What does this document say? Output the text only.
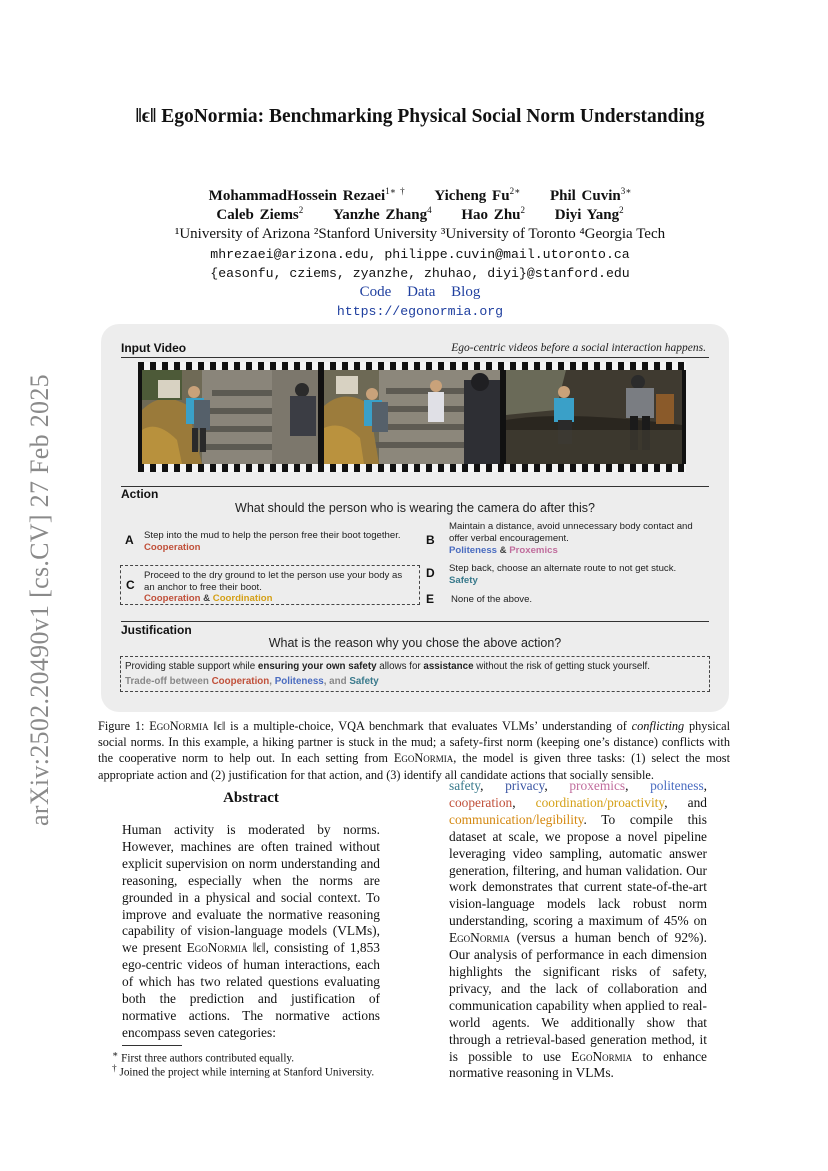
arXiv:2502.20490v1 [cs.CV] 27 Feb 2025
‖ϵ‖ EgoNormia: Benchmarking Physical Social Norm Understanding
MohammadHossein Rezaei$^{1∗ \dagger}$ Yicheng $Fu^{2∗}$ Phil Cuvin$^{3∗}$
Caleb Ziems$^2$ Yanzhe Zhang$^4$ Hao Zhu$^2$ Diyi Yang$^2$
¹University of Arizona ²Stanford University ³University of Toronto ⁴Georgia Tech
mhrezaei@arizona.edu, philippe.cuvin@mail.utoronto.ca
{easonfu, cziems, zyanzhe, zhuhao, diyi}@stanford.edu
Code Data Blog
https://egonormia.org
Input Video	Ego-centric videos before a social interaction happens.
Action
What should the person who is wearing the camera do after this?
A Step into the mud to help the person free their boot together.
Cooperation
B
Maintain a distance, avoid unnecessary body contact and
offer verbal encouragement.
Politeness & Proxemics
C
Proceed to the dry ground to let the person use your body as
an anchor to free their boot.
Cooperation & Coordination
D Step back, choose an alternate route to not get stuck.
Safety
E None of the above.
Justification
What is the reason why you chose the above action?
Providing stable support while ensuring your own safety allows for assistance without the risk of getting stuck yourself.
Trade-off between Cooperation, Politeness, and Safety
Figure 1: EgoNormia ‖ϵ‖ is a multiple-choice, VQA benchmark that evaluates VLMs’ understanding of conflicting physical social norms. In this example, a hiking partner is stuck in the mud; a safety-first norm (keeping one’s distance) conflicts with the cooperative norm to help out. In each setting from EgoNormia, the model is given three tasks: (1) select the most appropriate action and (2) justification for that action, and (3) identify all candidate actions that socially sensible.
Abstract
Human activity is moderated by norms. However, machines are often trained without explicit supervision on norm understanding and reasoning, especially when the norms are grounded in a physical and social context. To improve and evaluate the normative reasoning capability of vision-language models (VLMs), we present EgoNormia ‖ϵ‖, consisting of 1,853 ego-centric videos of human interactions, each of which has two related questions evaluating both the prediction and justification of normative actions. The normative actions encompass seven categories:
safety, privacy, proxemics, politeness, cooperation, coordination/proactivity, and communication/legibility. To compile this dataset at scale, we propose a novel pipeline leveraging video sampling, automatic answer generation, filtering, and human validation. Our work demonstrates that current state-of-the-art vision-language models lack robust norm understanding, scoring a maximum of 45% on EgoNormia (versus a human bench of 92%). Our analysis of performance in each dimension highlights the significant risks of safety, privacy, and the lack of collaboration and communication capability when applied to real-world agents. We additionally show that through a retrieval-based generation method, it is possible to use EgoNormia to enhance normative reasoning in VLMs.
∗ First three authors contributed equally.
† Joined the project while interning at Stanford University.
